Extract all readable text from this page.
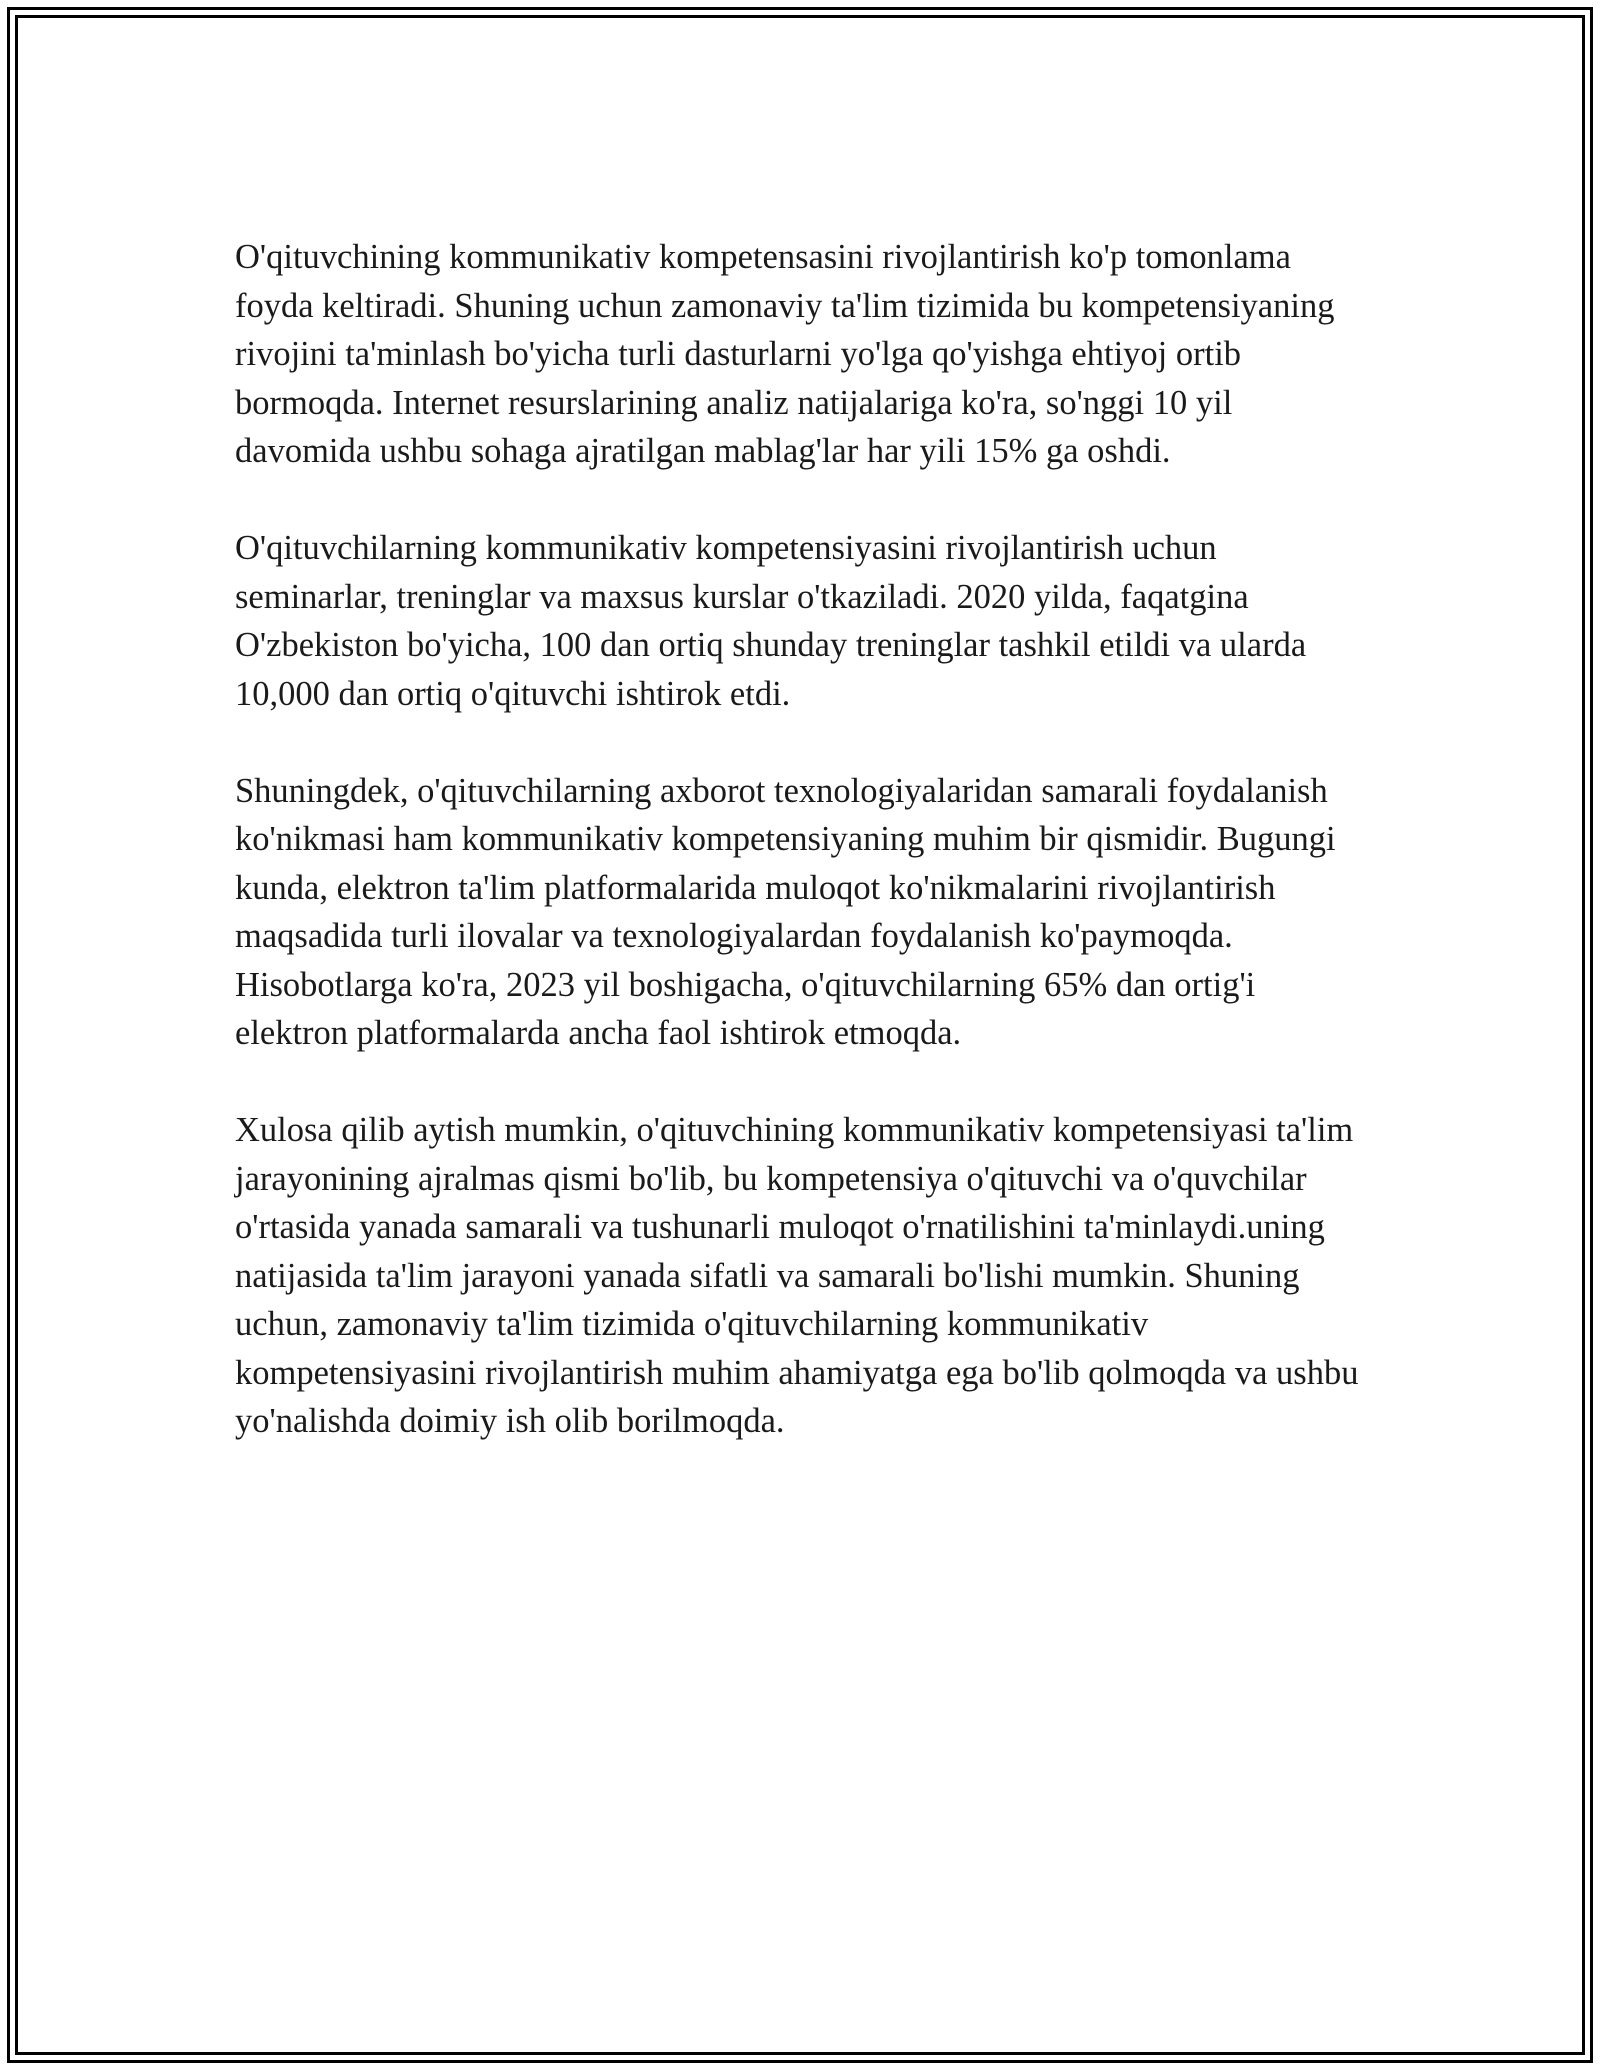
O'qituvchining kommunikativ kompetensasini rivojlantirish ko'p tomonlama foyda keltiradi. Shuning uchun zamonaviy ta'lim tizimida bu kompetensiyaning rivojini ta'minlash bo'yicha turli dasturlarni yo'lga qo'yishga ehtiyoj ortib bormoqda. Internet resurslarining analiz natijalariga ko'ra, so'nggi 10 yil davomida ushbu sohaga ajratilgan mablag'lar har yili 15% ga oshdi.

O'qituvchilarning kommunikativ kompetensiyasini rivojlantirish uchun seminarlar, treninglar va maxsus kurslar o'tkaziladi. 2020 yilda, faqatgina O'zbekiston bo'yicha, 100 dan ortiq shunday treninglar tashkil etildi va ularda 10,000 dan ortiq o'qituvchi ishtirok etdi.

Shuningdek, o'qituvchilarning axborot texnologiyalaridan samarali foydalanish ko'nikmasi ham kommunikativ kompetensiyaning muhim bir qismidir. Bugungi kunda, elektron ta'lim platformalarida muloqot ko'nikmalarini rivojlantirish maqsadida turli ilovalar va texnologiyalardan foydalanish ko'paymoqda. Hisobotlarga ko'ra, 2023 yil boshigacha, o'qituvchilarning 65% dan ortig'i elektron platformalarda ancha faol ishtirok etmoqda.

Xulosa qilib aytish mumkin, o'qituvchining kommunikativ kompetensiyasi ta'lim jarayonining ajralmas qismi bo'lib, bu kompetensiya o'qituvchi va o'quvchilar o'rtasida yanada samarali va tushunarli muloqot o'rnatilishini ta'minlaydi.uning natijasida ta'lim jarayoni yanada sifatli va samarali bo'lishi mumkin. Shuning uchun, zamonaviy ta'lim tizimida o'qituvchilarning kommunikativ kompetensiyasini rivojlantirish muhim ahamiyatga ega bo'lib qolmoqda va ushbu yo'nalishda doimiy ish olib borilmoqda.
